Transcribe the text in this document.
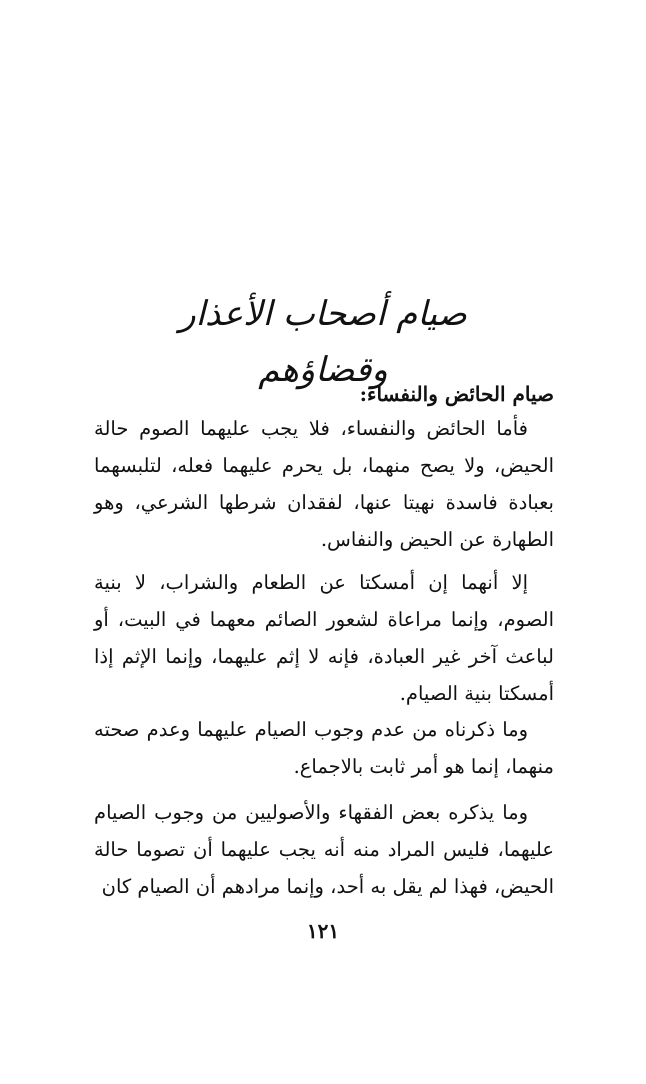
صيام أصحاب الأعذار وقضاؤهم
صيام الحائض والنفساء:

فأما الحائض والنفساء، فلا يجب عليهما الصوم حالة الحيض، ولا يصح منهما، بل يحرم عليهما فعله، لتلبسهما بعبادة فاسدة نهيتا عنها، لفقدان شرطها الشرعي، وهو الطهارة عن الحيض والنفاس.

إلا أنهما إن أمسكتا عن الطعام والشراب، لا بنية الصوم، وإنما مراعاة لشعور الصائم معهما في البيت، أو لباعث آخر غير العبادة، فإنه لا إثم عليهما، وإنما الإثم إذا أمسكتا بنية الصيام.

وما ذكرناه من عدم وجوب الصيام عليهما وعدم صحته منهما، إنما هو أمر ثابت بالاجماع.

وما يذكره بعض الفقهاء والأصوليين من وجوب الصيام عليهما، فليس المراد منه أنه يجب عليهما أن تصوما حالة الحيض، فهذا لم يقل به أحد، وإنما مرادهم أن الصيام كان

١٢١
